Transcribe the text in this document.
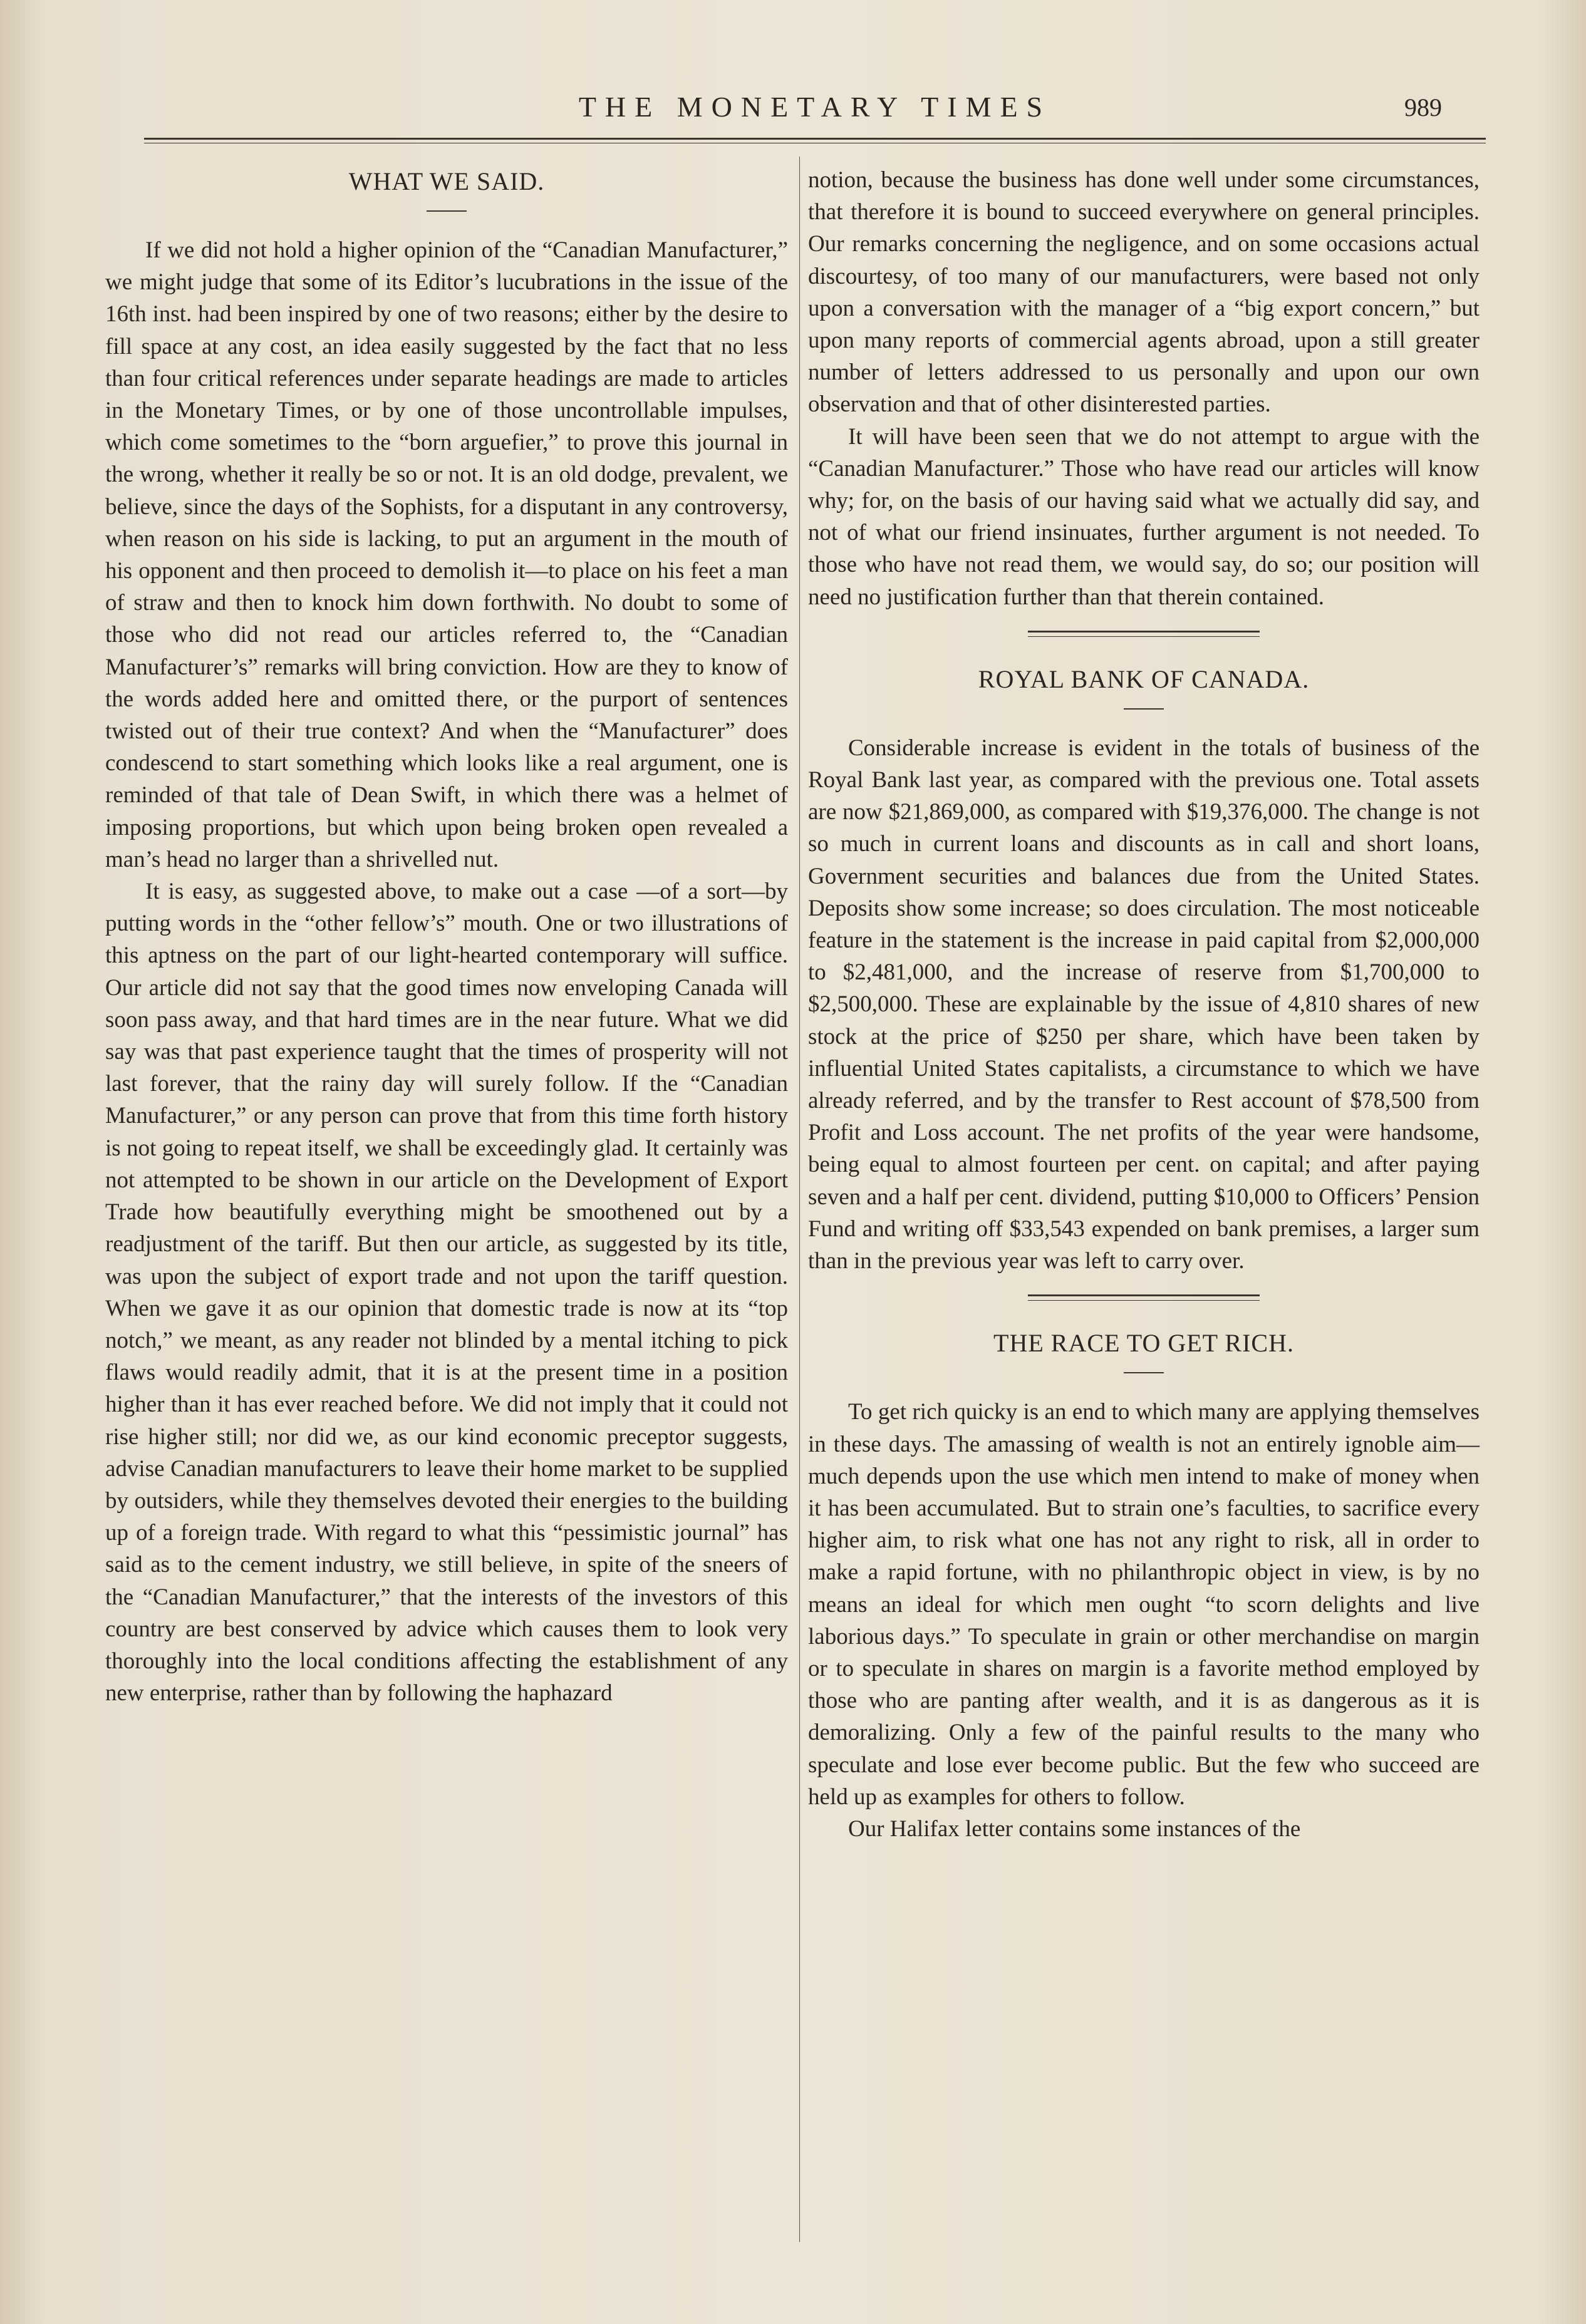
THE MONETARY TIMES	989
WHAT WE SAID.

If we did not hold a higher opinion of the “Canadian Manufacturer,” we might judge that some of its Editor’s lucubrations in the issue of the 16th inst. had been inspired by one of two reasons; either by the desire to fill space at any cost, an idea easily suggested by the fact that no less than four critical references under separate headings are made to articles in the Monetary Times, or by one of those uncontrollable impulses, which come sometimes to the “born arguefier,” to prove this journal in the wrong, whether it really be so or not. It is an old dodge, prevalent, we believe, since the days of the Sophists, for a disputant in any controversy, when reason on his side is lacking, to put an argument in the mouth of his opponent and then proceed to demolish it—to place on his feet a man of straw and then to knock him down forthwith. No doubt to some of those who did not read our articles referred to, the “Canadian Manufacturer’s” remarks will bring conviction. How are they to know of the words added here and omitted there, or the purport of sentences twisted out of their true context? And when the “Manufacturer” does condescend to start something which looks like a real argument, one is reminded of that tale of Dean Swift, in which there was a helmet of imposing proportions, but which upon being broken open revealed a man’s head no larger than a shrivelled nut.

It is easy, as suggested above, to make out a case —of a sort—by putting words in the “other fellow’s” mouth. One or two illustrations of this aptness on the part of our light-hearted contemporary will suffice. Our article did not say that the good times now enveloping Canada will soon pass away, and that hard times are in the near future. What we did say was that past experience taught that the times of prosperity will not last forever, that the rainy day will surely follow. If the “Canadian Manufacturer,” or any person can prove that from this time forth history is not going to repeat itself, we shall be exceedingly glad. It certainly was not attempted to be shown in our article on the Development of Export Trade how beautifully everything might be smoothened out by a readjustment of the tariff. But then our article, as suggested by its title, was upon the subject of export trade and not upon the tariff question. When we gave it as our opinion that domestic trade is now at its “top notch,” we meant, as any reader not blinded by a mental itching to pick flaws would readily admit, that it is at the present time in a position higher than it has ever reached before. We did not imply that it could not rise higher still; nor did we, as our kind economic preceptor suggests, advise Canadian manufacturers to leave their home market to be supplied by outsiders, while they themselves devoted their energies to the building up of a foreign trade. With regard to what this “pessimistic journal” has said as to the cement industry, we still believe, in spite of the sneers of the “Canadian Manufacturer,” that the interests of the investors of this country are best conserved by advice which causes them to look very thoroughly into the local conditions affecting the establishment of any new enterprise, rather than by following the haphazard

notion, because the business has done well under some circumstances, that therefore it is bound to succeed everywhere on general principles. Our remarks concerning the negligence, and on some occasions actual discourtesy, of too many of our manufacturers, were based not only upon a conversation with the manager of a “big export concern,” but upon many reports of commercial agents abroad, upon a still greater number of letters addressed to us personally and upon our own observation and that of other disinterested parties.

It will have been seen that we do not attempt to argue with the “Canadian Manufacturer.” Those who have read our articles will know why; for, on the basis of our having said what we actually did say, and not of what our friend insinuates, further argument is not needed. To those who have not read them, we would say, do so; our position will need no justification further than that therein contained.

ROYAL BANK OF CANADA.

Considerable increase is evident in the totals of business of the Royal Bank last year, as compared with the previous one. Total assets are now $21,869,000, as compared with $19,376,000. The change is not so much in current loans and discounts as in call and short loans, Government securities and balances due from the United States. Deposits show some increase; so does circulation. The most noticeable feature in the statement is the increase in paid capital from $2,000,000 to $2,481,000, and the increase of reserve from $1,700,000 to $2,500,000. These are explainable by the issue of 4,810 shares of new stock at the price of $250 per share, which have been taken by influential United States capitalists, a circumstance to which we have already referred, and by the transfer to Rest account of $78,500 from Profit and Loss account. The net profits of the year were handsome, being equal to almost fourteen per cent. on capital; and after paying seven and a half per cent. dividend, putting $10,000 to Officers’ Pension Fund and writing off $33,543 expended on bank premises, a larger sum than in the previous year was left to carry over.

THE RACE TO GET RICH.

To get rich quicky is an end to which many are applying themselves in these days. The amassing of wealth is not an entirely ignoble aim—much depends upon the use which men intend to make of money when it has been accumulated. But to strain one’s faculties, to sacrifice every higher aim, to risk what one has not any right to risk, all in order to make a rapid fortune, with no philanthropic object in view, is by no means an ideal for which men ought “to scorn delights and live laborious days.” To speculate in grain or other merchandise on margin or to speculate in shares on margin is a favorite method employed by those who are panting after wealth, and it is as dangerous as it is demoralizing. Only a few of the painful results to the many who speculate and lose ever become public. But the few who succeed are held up as examples for others to follow.

Our Halifax letter contains some instances of the
